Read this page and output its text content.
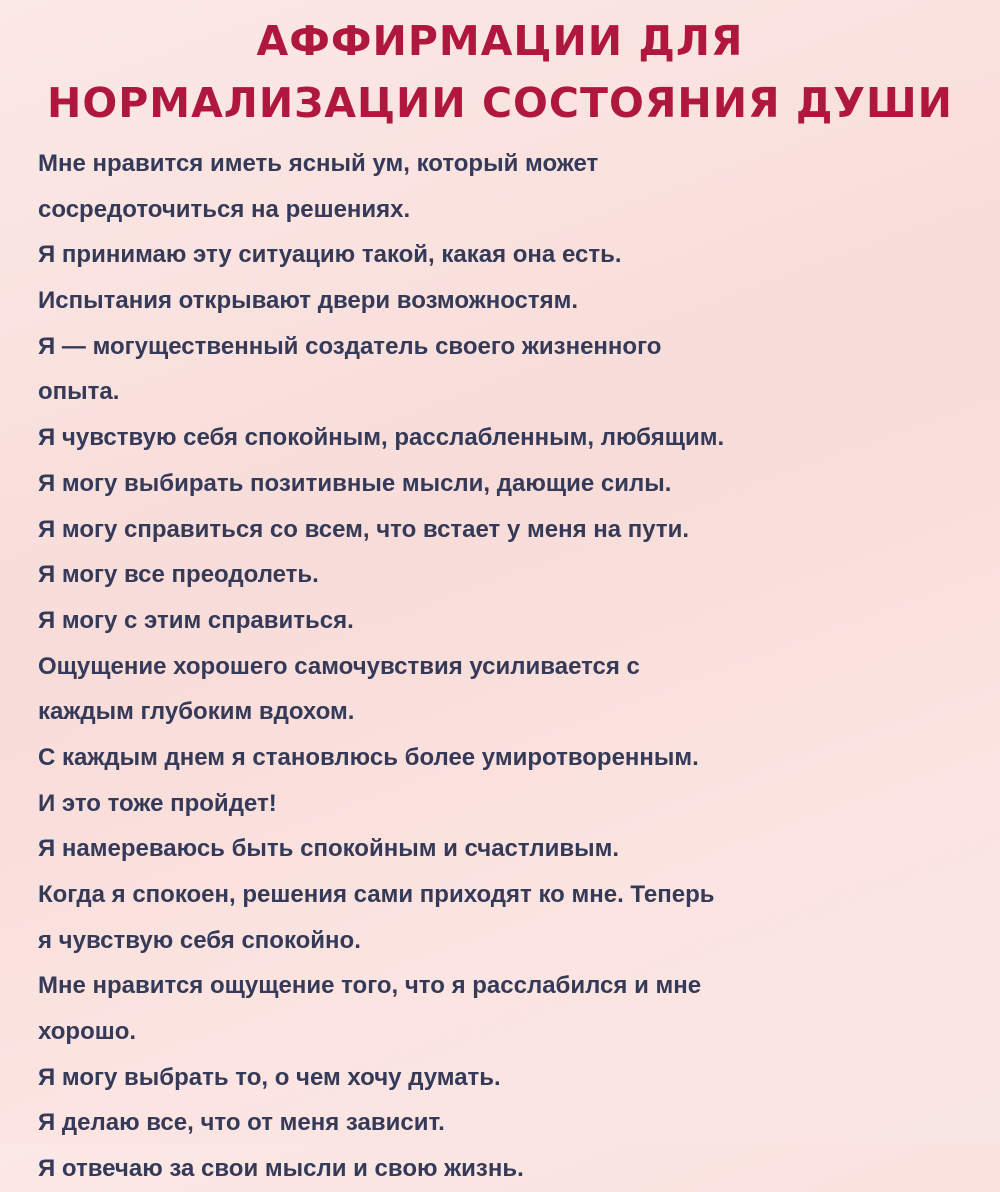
АФФИРМАЦИИ ДЛЯ
НОРМАЛИЗАЦИИ СОСТОЯНИЯ ДУШИ
Мне нравится иметь ясный ум, который может
сосредоточиться на решениях.
Я принимаю эту ситуацию такой, какая она есть.
Испытания открывают двери возможностям.
Я — могущественный создатель своего жизненного
опыта.
Я чувствую себя спокойным, расслабленным, любящим.
Я могу выбирать позитивные мысли, дающие силы.
Я могу справиться со всем, что встает у меня на пути.
Я могу все преодолеть.
Я могу с этим справиться.
Ощущение хорошего самочувствия усиливается с
каждым глубоким вдохом.
С каждым днем я становлюсь более умиротворенным.
И это тоже пройдет!
Я намереваюсь быть спокойным и счастливым.
Когда я спокоен, решения сами приходят ко мне. Теперь
я чувствую себя спокойно.
Мне нравится ощущение того, что я расслабился и мне
хорошо.
Я могу выбрать то, о чем хочу думать.
Я делаю все, что от меня зависит.
Я отвечаю за свои мысли и свою жизнь.
